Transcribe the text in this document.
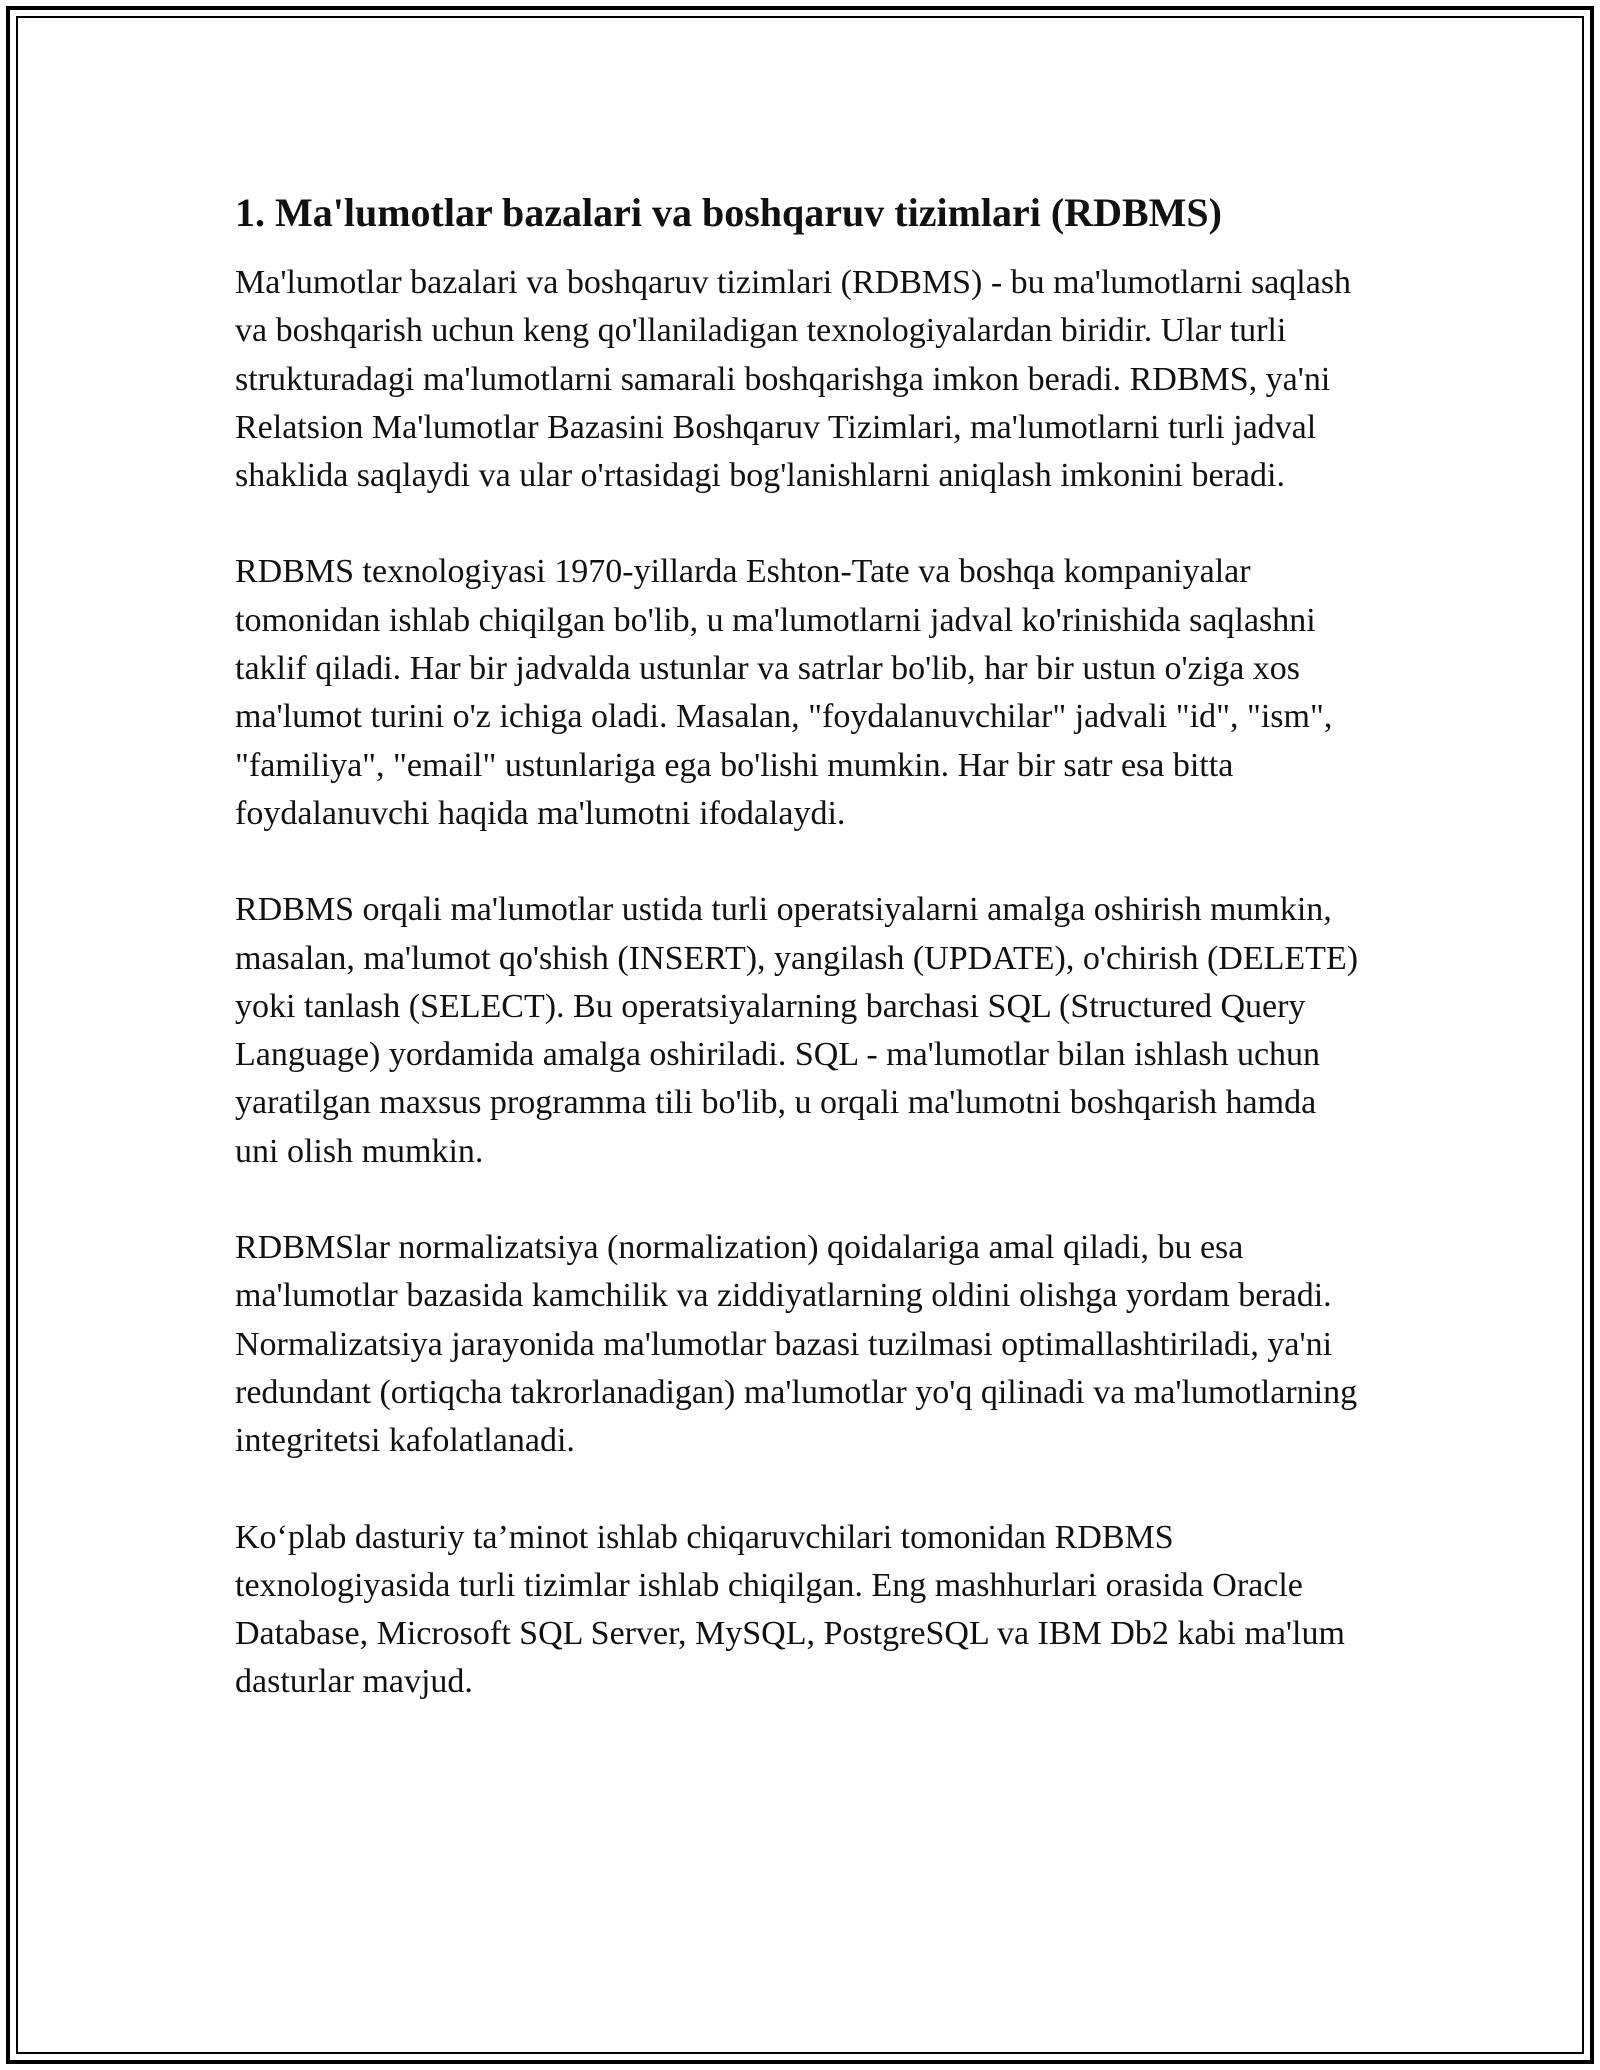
1. Ma'lumotlar bazalari va boshqaruv tizimlari (RDBMS)

Ma'lumotlar bazalari va boshqaruv tizimlari (RDBMS) - bu ma'lumotlarni saqlash va boshqarish uchun keng qo'llaniladigan texnologiyalardan biridir. Ular turli strukturadagi ma'lumotlarni samarali boshqarishga imkon beradi. RDBMS, ya'ni Relatsion Ma'lumotlar Bazasini Boshqaruv Tizimlari, ma'lumotlarni turli jadval shaklida saqlaydi va ular o'rtasidagi bog'lanishlarni aniqlash imkonini beradi.

RDBMS texnologiyasi 1970-yillarda Eshton-Tate va boshqa kompaniyalar tomonidan ishlab chiqilgan bo'lib, u ma'lumotlarni jadval ko'rinishida saqlashni taklif qiladi. Har bir jadvalda ustunlar va satrlar bo'lib, har bir ustun o'ziga xos ma'lumot turini o'z ichiga oladi. Masalan, "foydalanuvchilar" jadvali "id", "ism", "familiya", "email" ustunlariga ega bo'lishi mumkin. Har bir satr esa bitta foydalanuvchi haqida ma'lumotni ifodalaydi.

RDBMS orqali ma'lumotlar ustida turli operatsiyalarni amalga oshirish mumkin, masalan, ma'lumot qo'shish (INSERT), yangilash (UPDATE), o'chirish (DELETE) yoki tanlash (SELECT). Bu operatsiyalarning barchasi SQL (Structured Query Language) yordamida amalga oshiriladi. SQL - ma'lumotlar bilan ishlash uchun yaratilgan maxsus programma tili bo'lib, u orqali ma'lumotni boshqarish hamda uni olish mumkin.

RDBMSlar normalizatsiya (normalization) qoidalariga amal qiladi, bu esa ma'lumotlar bazasida kamchilik va ziddiyatlarning oldini olishga yordam beradi. Normalizatsiya jarayonida ma'lumotlar bazasi tuzilmasi optimallashtiriladi, ya'ni redundant (ortiqcha takrorlanadigan) ma'lumotlar yo'q qilinadi va ma'lumotlarning integritetsi kafolatlanadi.

Ko‘plab dasturiy ta’minot ishlab chiqaruvchilari tomonidan RDBMS texnologiyasida turli tizimlar ishlab chiqilgan. Eng mashhurlari orasida Oracle Database, Microsoft SQL Server, MySQL, PostgreSQL va IBM Db2 kabi ma'lum dasturlar mavjud.
